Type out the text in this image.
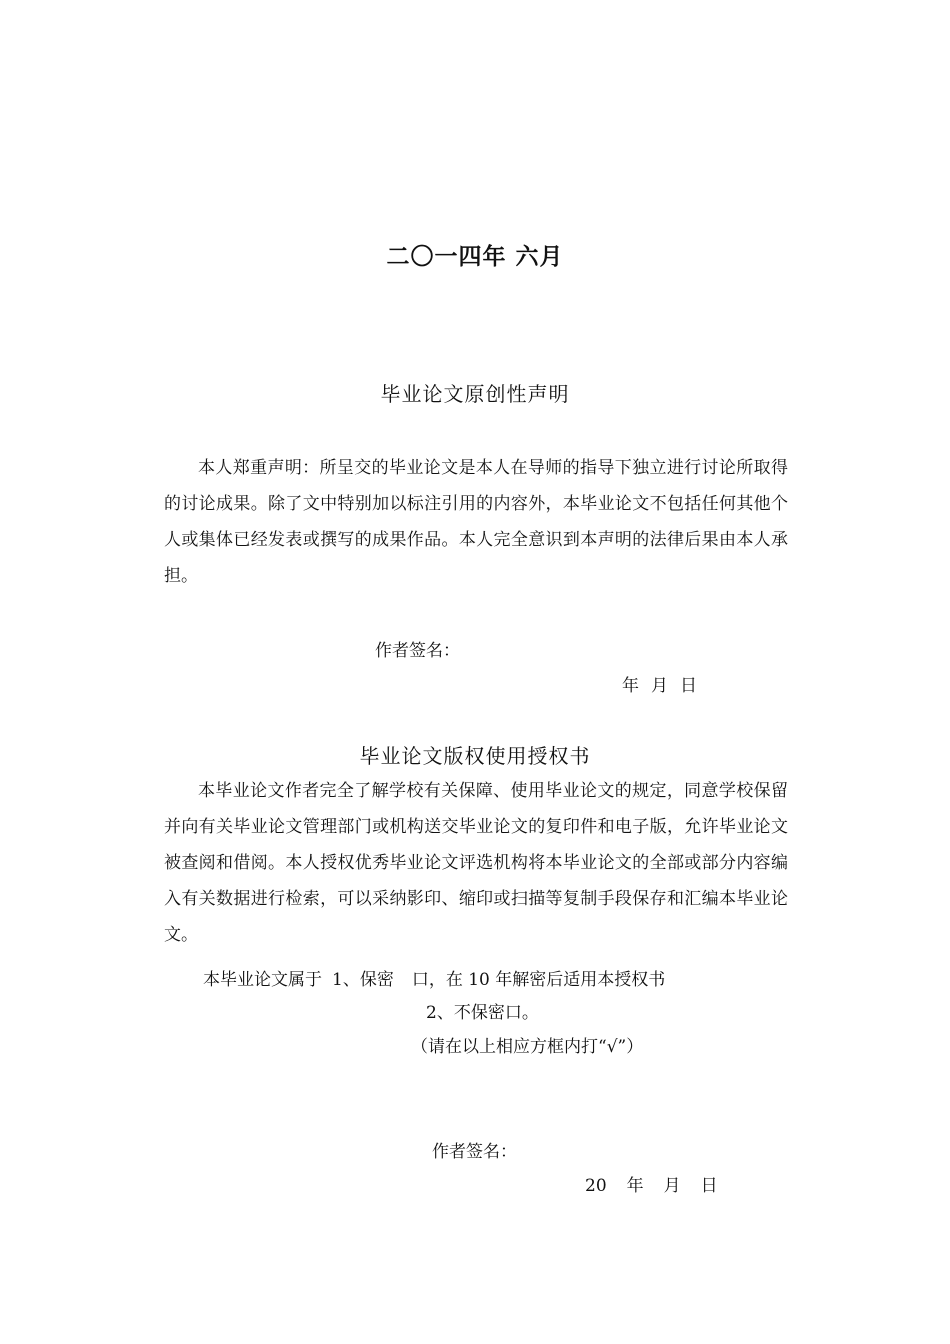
二〇一四年 六月
毕业论文原创性声明

本人郑重声明：所呈交的毕业论文是本人在导师的指导下独立进行讨论所取得的讨论成果。除了文中特别加以标注引用的内容外，本毕业论文不包括任何其他个人或集体已经发表或撰写的成果作品。本人完全意识到本声明的法律后果由本人承担。

作者签名：
年 月 日
毕业论文版权使用授权书

本毕业论文作者完全了解学校有关保障、使用毕业论文的规定，同意学校保留并向有关毕业论文管理部门或机构送交毕业论文的复印件和电子版，允许毕业论文被查阅和借阅。本人授权优秀毕业论文评选机构将本毕业论文的全部或部分内容编入有关数据进行检索，可以采纳影印、缩印或扫描等复制手段保存和汇编本毕业论文。

本毕业论文属于 1、保密 口，在 10 年解密后适用本授权书
2、不保密口。
（请在以上相应方框内打“√”）
作者签名：
20 年 月 日
